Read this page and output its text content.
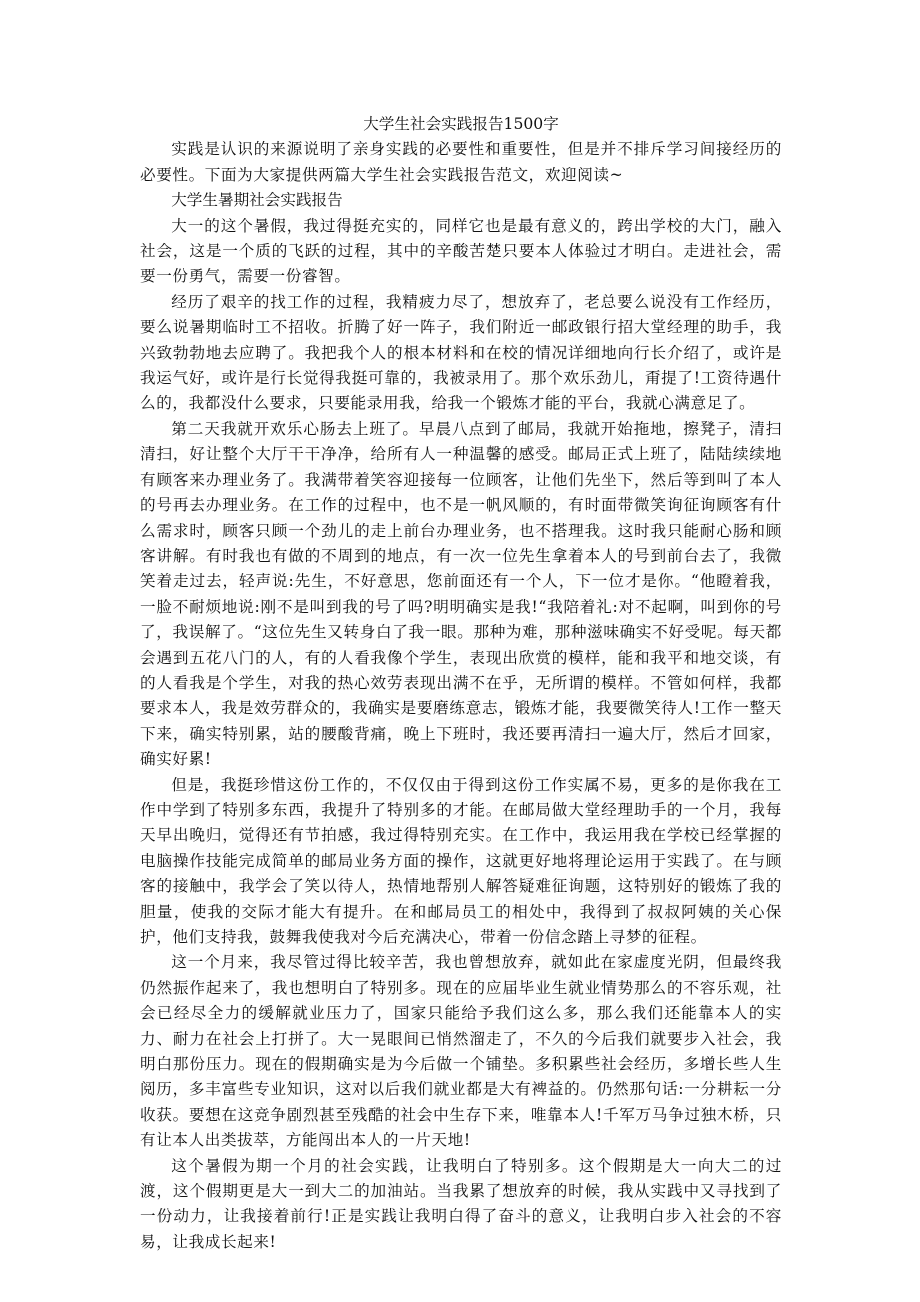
大学生社会实践报告1500字

实践是认识的来源说明了亲身实践的必要性和重要性，但是并不排斥学习间接经历的必要性。下面为大家提供两篇大学生社会实践报告范文，欢迎阅读~

大学生暑期社会实践报告

大一的这个暑假，我过得挺充实的，同样它也是最有意义的，跨出学校的大门，融入社会，这是一个质的飞跃的过程，其中的辛酸苦楚只要本人体验过才明白。走进社会，需要一份勇气，需要一份睿智。

经历了艰辛的找工作的过程，我精疲力尽了，想放弃了，老总要么说没有工作经历，要么说暑期临时工不招收。折腾了好一阵子，我们附近一邮政银行招大堂经理的助手，我兴致勃勃地去应聘了。我把我个人的根本材料和在校的情况详细地向行长介绍了，或许是我运气好，或许是行长觉得我挺可靠的，我被录用了。那个欢乐劲儿，甭提了!工资待遇什么的，我都没什么要求，只要能录用我，给我一个锻炼才能的平台，我就心满意足了。

第二天我就开欢乐心肠去上班了。早晨八点到了邮局，我就开始拖地，擦凳子，清扫清扫，好让整个大厅干干净净，给所有人一种温馨的感受。邮局正式上班了，陆陆续续地有顾客来办理业务了。我满带着笑容迎接每一位顾客，让他们先坐下，然后等到叫了本人的号再去办理业务。在工作的过程中，也不是一帆风顺的，有时面带微笑询征询顾客有什么需求时，顾客只顾一个劲儿的走上前台办理业务，也不搭理我。这时我只能耐心肠和顾客讲解。有时我也有做的不周到的地点，有一次一位先生拿着本人的号到前台去了，我微笑着走过去，轻声说:先生，不好意思，您前面还有一个人，下一位才是你。“他瞪着我，一脸不耐烦地说:刚不是叫到我的号了吗?明明确实是我!“我陪着礼:对不起啊，叫到你的号了，我误解了。“这位先生又转身白了我一眼。那种为难，那种滋味确实不好受呢。每天都会遇到五花八门的人，有的人看我像个学生，表现出欣赏的模样，能和我平和地交谈，有的人看我是个学生，对我的热心效劳表现出满不在乎，无所谓的模样。不管如何样，我都要求本人，我是效劳群众的，我确实是要磨练意志，锻炼才能，我要微笑待人!工作一整天下来，确实特别累，站的腰酸背痛，晚上下班时，我还要再清扫一遍大厅，然后才回家，确实好累!

但是，我挺珍惜这份工作的，不仅仅由于得到这份工作实属不易，更多的是你我在工作中学到了特别多东西，我提升了特别多的才能。在邮局做大堂经理助手的一个月，我每天早出晚归，觉得还有节拍感，我过得特别充实。在工作中，我运用我在学校已经掌握的电脑操作技能完成简单的邮局业务方面的操作，这就更好地将理论运用于实践了。在与顾客的接触中，我学会了笑以待人，热情地帮别人解答疑难征询题，这特别好的锻炼了我的胆量，使我的交际才能大有提升。在和邮局员工的相处中，我得到了叔叔阿姨的关心保护，他们支持我，鼓舞我使我对今后充满决心，带着一份信念踏上寻梦的征程。

这一个月来，我尽管过得比较辛苦，我也曾想放弃，就如此在家虚度光阴，但最终我仍然振作起来了，我也想明白了特别多。现在的应届毕业生就业情势那么的不容乐观，社会已经尽全力的缓解就业压力了，国家只能给予我们这么多，那么我们还能靠本人的实力、耐力在社会上打拼了。大一晃眼间已悄然溜走了，不久的今后我们就要步入社会，我明白那份压力。现在的假期确实是为今后做一个铺垫。多积累些社会经历，多增长些人生阅历，多丰富些专业知识，这对以后我们就业都是大有裨益的。仍然那句话:一分耕耘一分收获。要想在这竞争剧烈甚至残酷的社会中生存下来，唯靠本人!千军万马争过独木桥，只有让本人出类拔萃，方能闯出本人的一片天地!

这个暑假为期一个月的社会实践，让我明白了特别多。这个假期是大一向大二的过渡，这个假期更是大一到大二的加油站。当我累了想放弃的时候，我从实践中又寻找到了一份动力，让我接着前行!正是实践让我明白得了奋斗的意义，让我明白步入社会的不容易，让我成长起来!
